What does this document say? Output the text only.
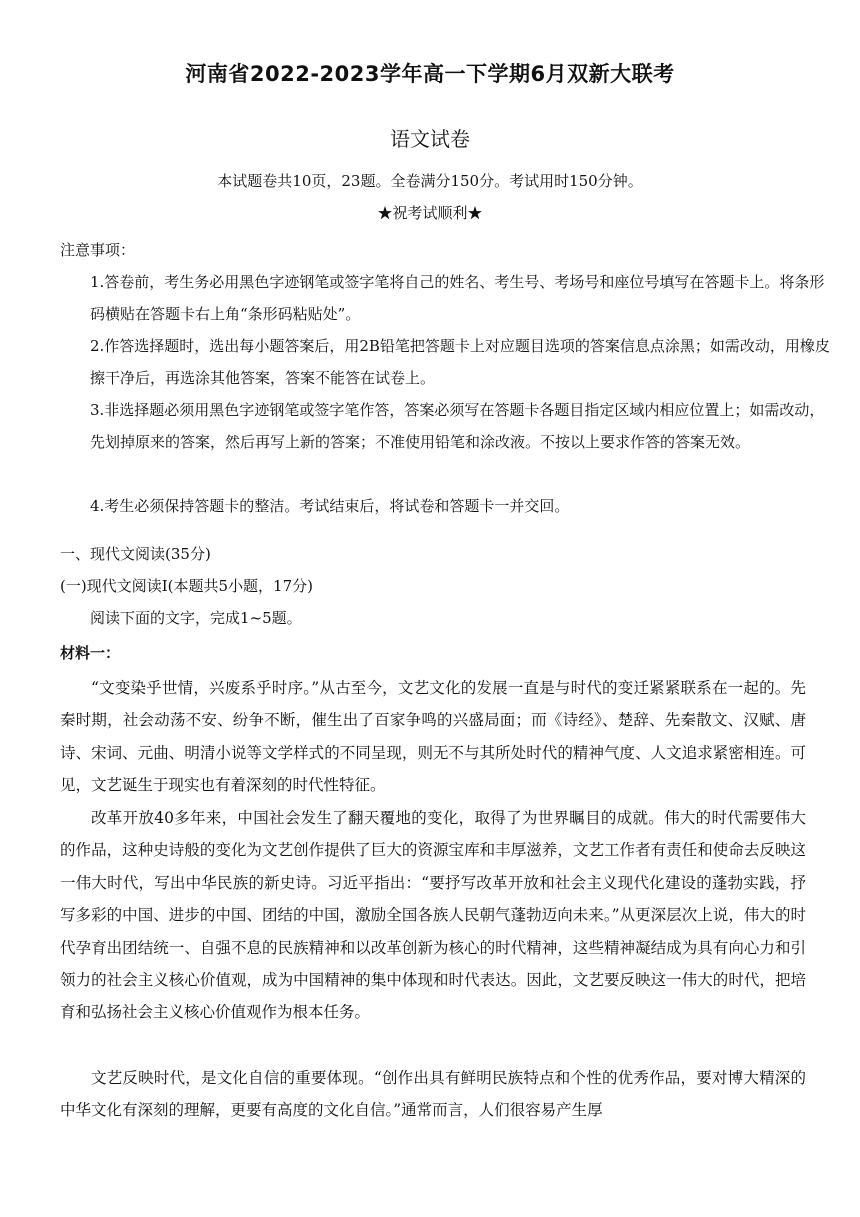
河南省2022-2023学年高一下学期6月双新大联考
语文试卷
本试题卷共10页，23题。全卷满分150分。考试用时150分钟。
★祝考试顺利★
注意事项：
1.答卷前，考生务必用黑色字迹钢笔或签字笔将自己的姓名、考生号、考场号和座位号填写在答题卡上。将条形码横贴在答题卡右上角“条形码粘贴处”。
2.作答选择题时，选出每小题答案后，用2B铅笔把答题卡上对应题目选项的答案信息点涂黑；如需改动，用橡皮擦干净后，再选涂其他答案，答案不能答在试卷上。
3.非选择题必须用黑色字迹钢笔或签字笔作答，答案必须写在答题卡各题目指定区域内相应位置上；如需改动，先划掉原来的答案，然后再写上新的答案；不准使用铅笔和涂改液。不按以上要求作答的答案无效。
4.考生必须保持答题卡的整洁。考试结束后，将试卷和答题卡一并交回。
一、现代文阅读(35分)
(一)现代文阅读Ⅰ(本题共5小题，17分)
阅读下面的文字，完成1~5题。
材料一：
“文变染乎世情，兴废系乎时序。”从古至今，文艺文化的发展一直是与时代的变迁紧紧联系在一起的。先秦时期，社会动荡不安、纷争不断，催生出了百家争鸣的兴盛局面；而《诗经》、楚辞、先秦散文、汉赋、唐诗、宋词、元曲、明清小说等文学样式的不同呈现，则无不与其所处时代的精神气度、人文追求紧密相连。可见，文艺诞生于现实也有着深刻的时代性特征。
改革开放40多年来，中国社会发生了翻天覆地的变化，取得了为世界瞩目的成就。伟大的时代需要伟大的作品，这种史诗般的变化为文艺创作提供了巨大的资源宝库和丰厚滋养，文艺工作者有责任和使命去反映这一伟大时代，写出中华民族的新史诗。习近平指出：“要抒写改革开放和社会主义现代化建设的蓬勃实践，抒写多彩的中国、进步的中国、团结的中国，激励全国各族人民朝气蓬勃迈向未来。”从更深层次上说，伟大的时代孕育出团结统一、自强不息的民族精神和以改革创新为核心的时代精神，这些精神凝结成为具有向心力和引领力的社会主义核心价值观，成为中国精神的集中体现和时代表达。因此，文艺要反映这一伟大的时代，把培育和弘扬社会主义核心价值观作为根本任务。
文艺反映时代，是文化自信的重要体现。“创作出具有鲜明民族特点和个性的优秀作品，要对博大精深的中华文化有深刻的理解，更要有高度的文化自信。”通常而言，人们很容易产生厚
